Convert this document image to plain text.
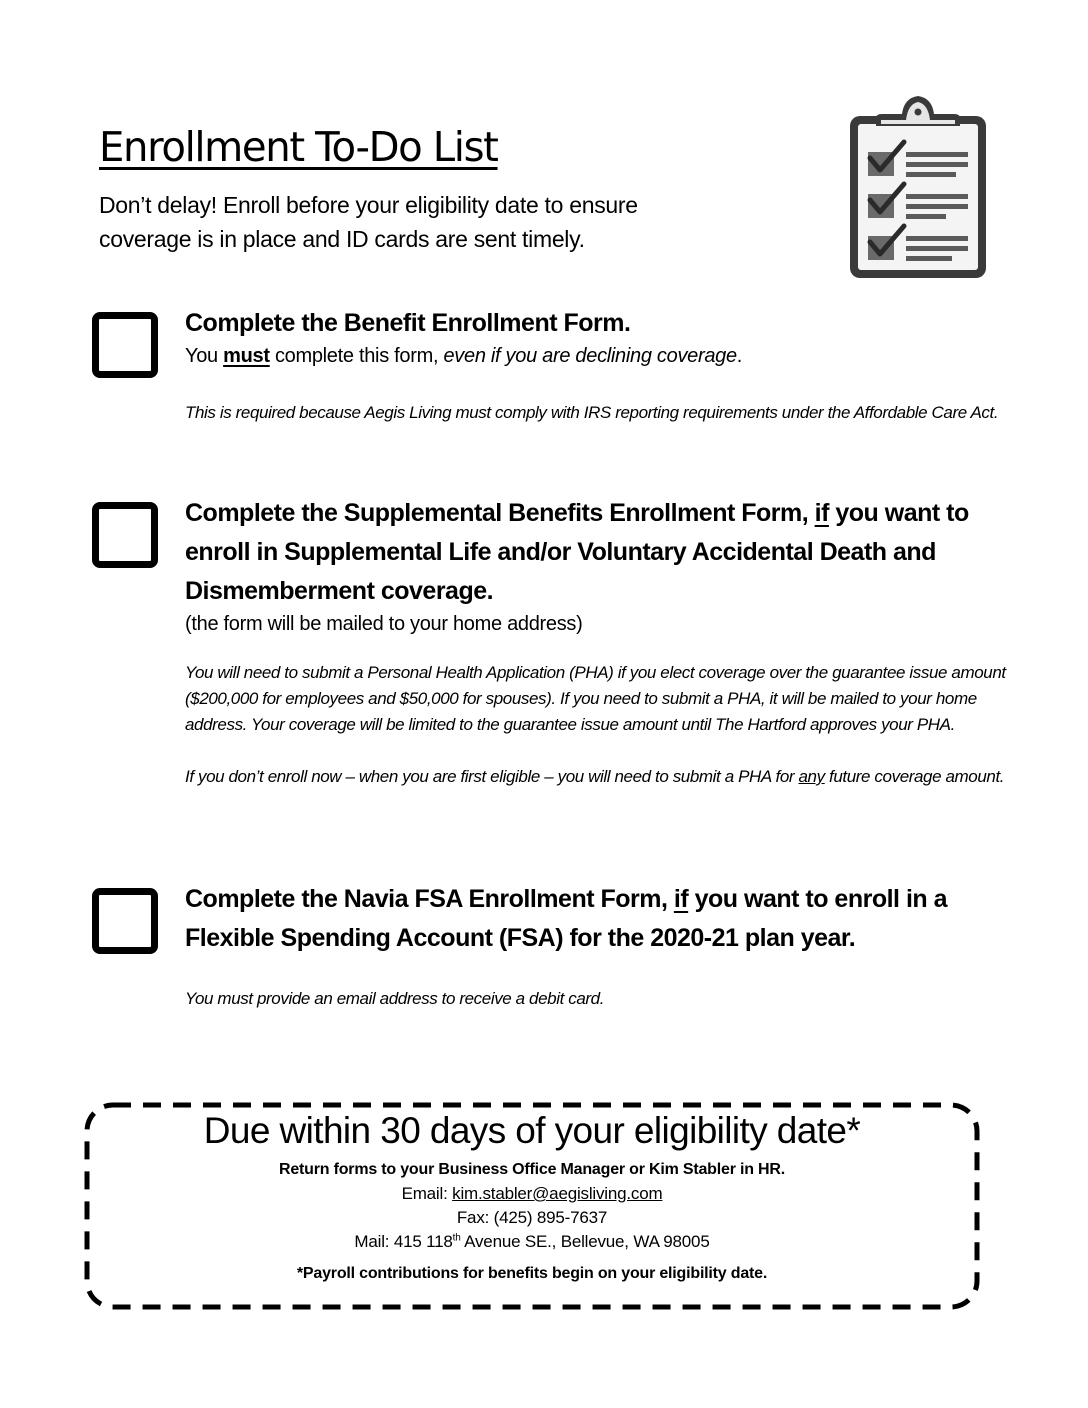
Enrollment To-Do List
Don’t delay! Enroll before your eligibility date to ensure
coverage is in place and ID cards are sent timely.

Complete the Benefit Enrollment Form.

You must complete this form, even if you are declining coverage.

This is required because Aegis Living must comply with IRS reporting requirements under the Affordable Care Act.

Complete the Supplemental Benefits Enrollment Form, if you want to enroll in Supplemental Life and/or Voluntary Accidental Death and Dismemberment coverage.

(the form will be mailed to your home address)

You will need to submit a Personal Health Application (PHA) if you elect coverage over the guarantee issue amount ($200,000 for employees and $50,000 for spouses). If you need to submit a PHA, it will be mailed to your home address. Your coverage will be limited to the guarantee issue amount until The Hartford approves your PHA.

If you don’t enroll now – when you are first eligible – you will need to submit a PHA for any future coverage amount.

Complete the Navia FSA Enrollment Form, if you want to enroll in a Flexible Spending Account (FSA) for the 2020-21 plan year.

You must provide an email address to receive a debit card.

Due within 30 days of your eligibility date*
Return forms to your Business Office Manager or Kim Stabler in HR.
Email: kim.stabler@aegisliving.com
Fax: (425) 895-7637
Mail: 415 118th Avenue SE., Bellevue, WA 98005
*Payroll contributions for benefits begin on your eligibility date.
